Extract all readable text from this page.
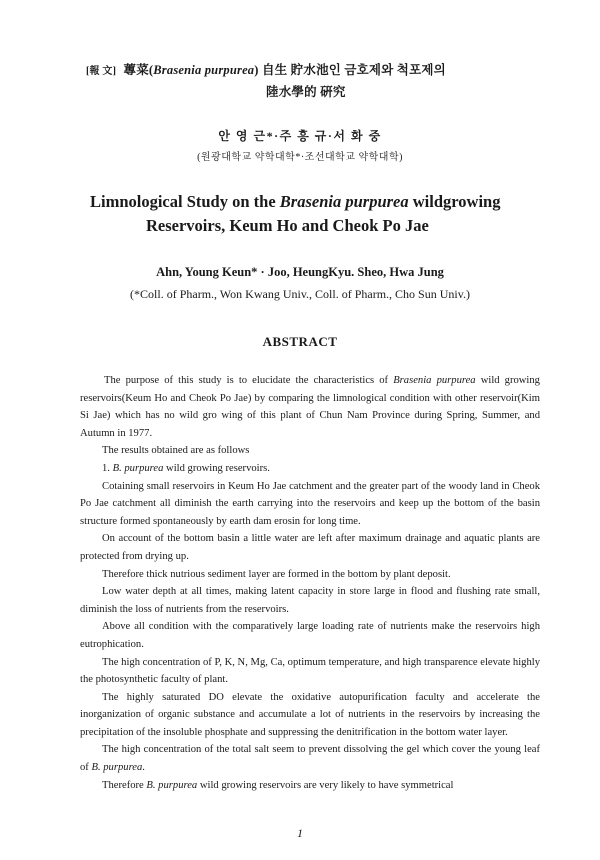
[報 文] 蓴菜(Brasenia purpurea) 自生 貯水池인 금호제와 척포제의
陸水學的 硏究
안 영 근*·주 흥 규·서 화 중
(원광대학교 약학대학*·조선대학교 약학대학)
Limnological Study on the Brasenia purpurea wildgrowing
Reservoirs, Keum Ho and Cheok Po Jae
Ahn, Young Keun* · Joo, HeungKyu. Sheo, Hwa Jung
(*Coll. of Pharm., Won Kwang Univ., Coll. of Pharm., Cho Sun Univ.)
ABSTRACT

The purpose of this study is to elucidate the characteristics of Brasenia purpurea wild growing reservoirs(Keum Ho and Cheok Po Jae) by comparing the limnological condition with other reservoir(Kim Si Jae) which has no wild gro wing of this plant of Chun Nam Province during Spring, Summer, and Autumn in 1977.

The results obtained are as follows

1. B. purpurea wild growing reservoirs.

Cotaining small reservoirs in Keum Ho Jae catchment and the greater part of the woody land in Cheok Po Jae catchment all diminish the earth carrying into the reservoirs and keep up the bottom of the basin structure formed spontaneously by earth dam erosin for long time.

On account of the bottom basin a little water are left after maximum drainage and aquatic plants are protected from drying up.

Therefore thick nutrious sediment layer are formed in the bottom by plant deposit.

Low water depth at all times, making latent capacity in store large in flood and flushing rate small, diminish the loss of nutrients from the reservoirs.

Above all condition with the comparatively large loading rate of nutrients make the reservoirs high eutrophication.

The high concentration of P, K, N, Mg, Ca, optimum temperature, and high transparence elevate highly the photosynthetic faculty of plant.

The highly saturated DO elevate the oxidative autopurification faculty and accelerate the inorganization of organic substance and accumulate a lot of nutrients in the reservoirs by increasing the precipitation of the insoluble phosphate and suppressing the denitrification in the bottom water layer.

The high concentration of the total salt seem to prevent dissolving the gel which cover the young leaf of B. purpurea.

Therefore B. purpurea wild growing reservoirs are very likely to have symmetrical

1
